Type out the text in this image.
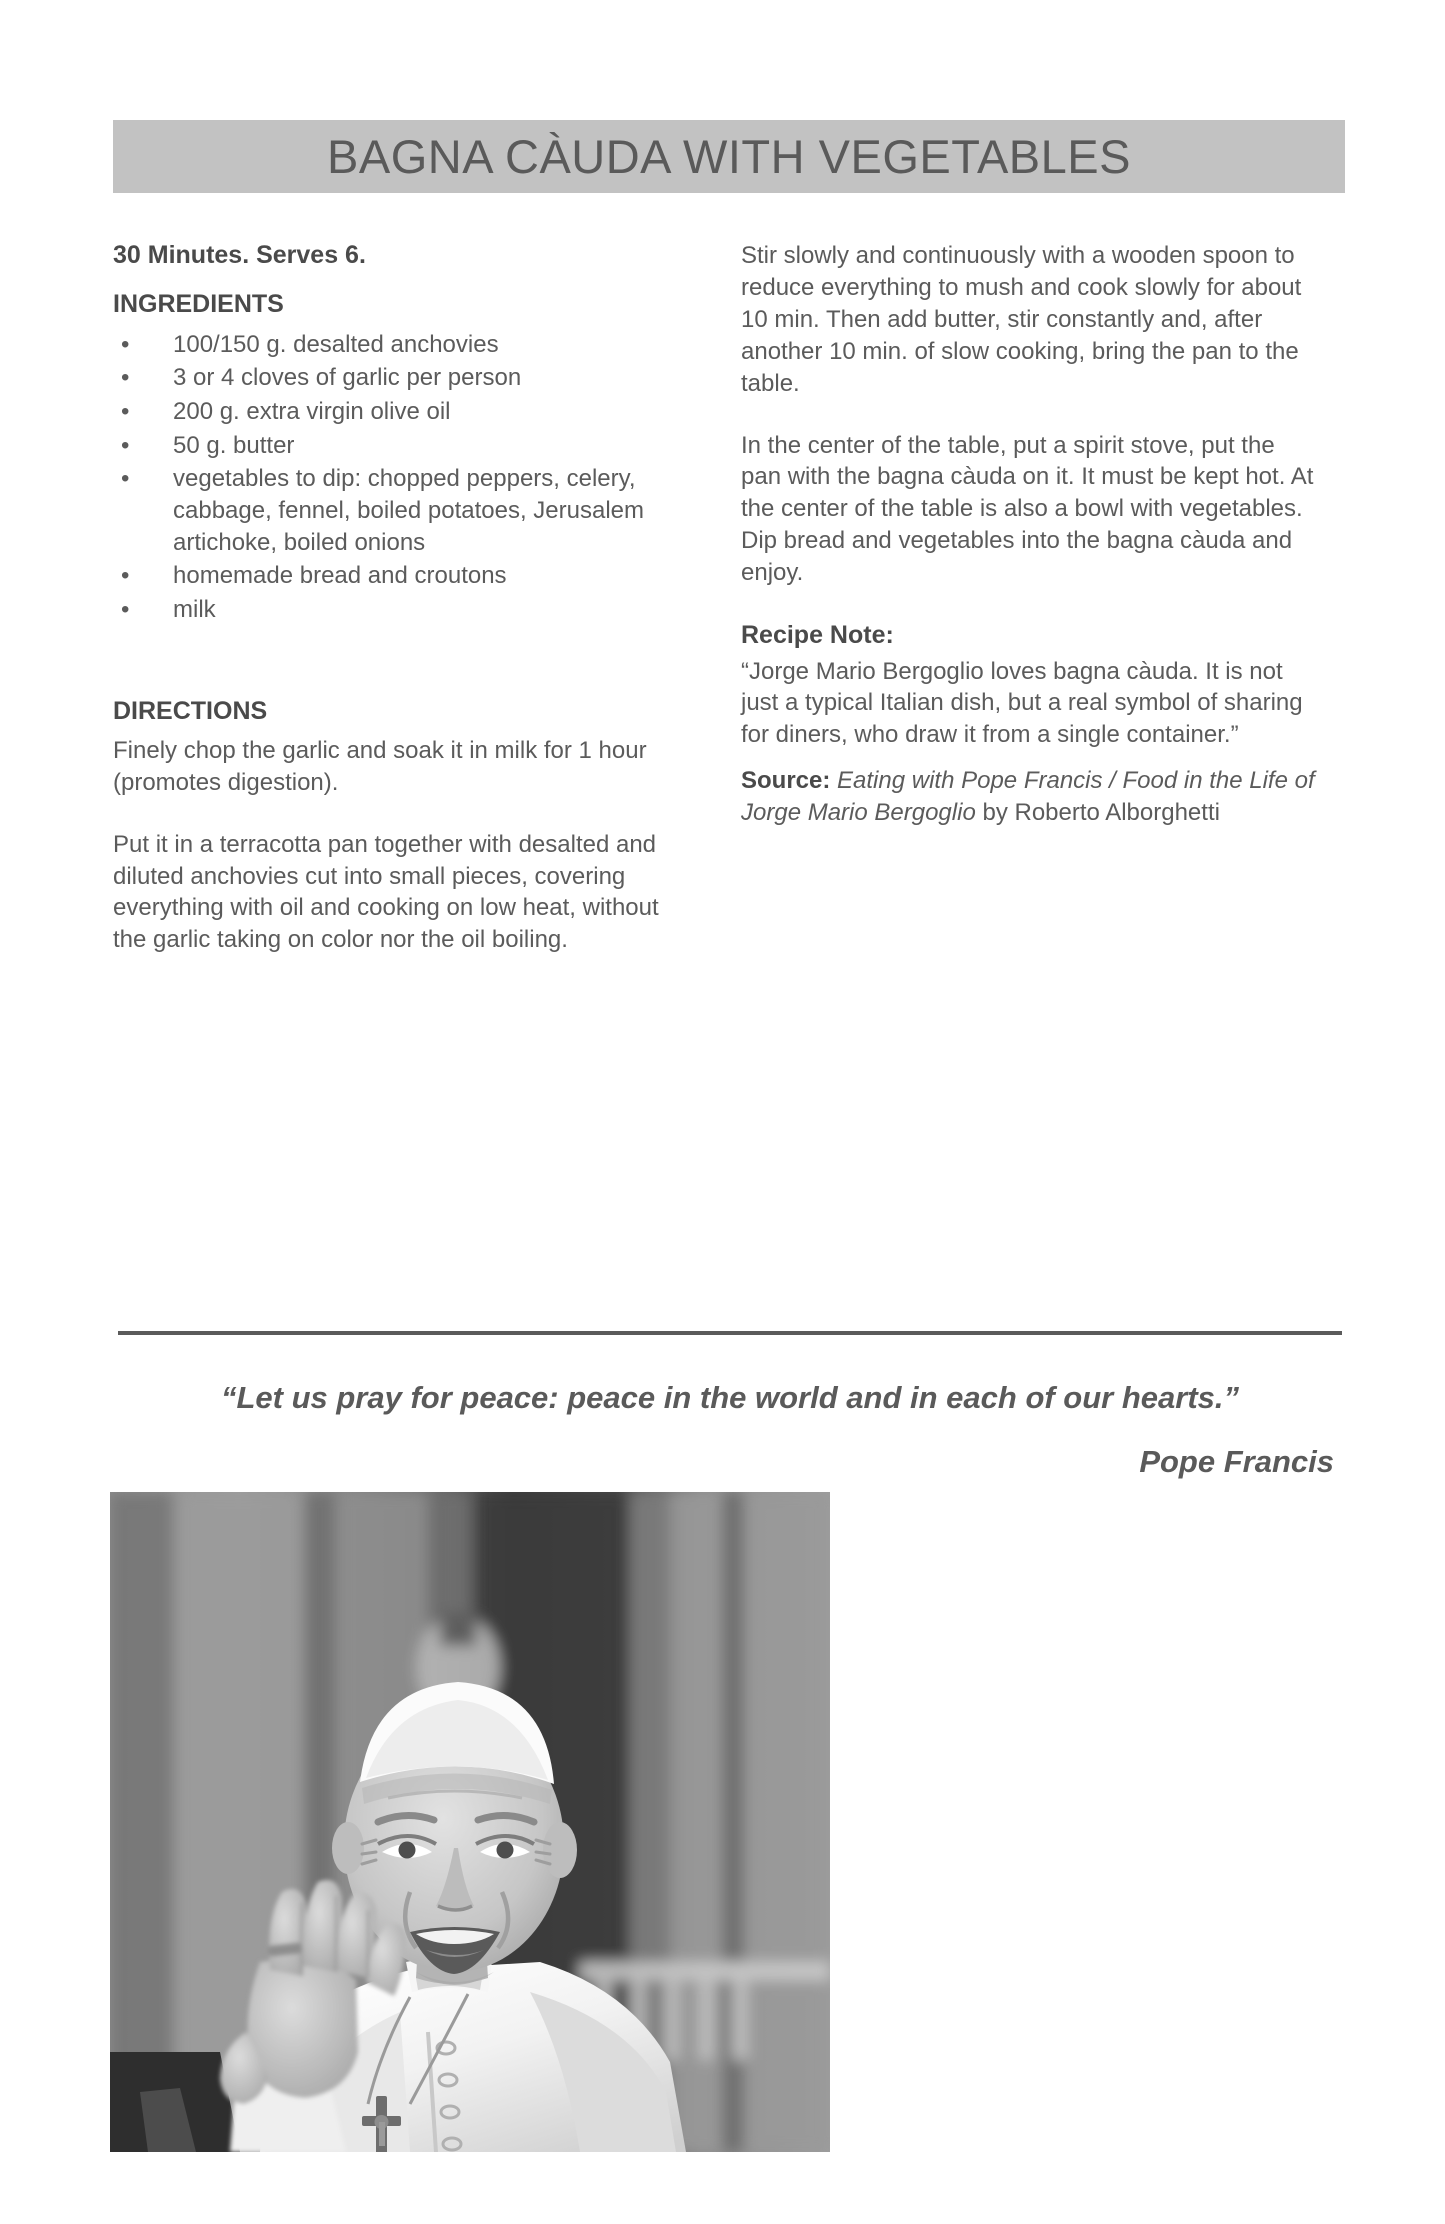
BAGNA CÀUDA WITH VEGETABLES
30 Minutes. Serves 6.
INGREDIENTS
• 100/150 g. desalted anchovies
• 3 or 4 cloves of garlic per person
• 200 g. extra virgin olive oil
• 50 g. butter
• vegetables to dip: chopped peppers, celery, cabbage, fennel, boiled potatoes, Jerusalem artichoke, boiled onions
• homemade bread and croutons
• milk
DIRECTIONS

Finely chop the garlic and soak it in milk for 1 hour (promotes digestion).

Put it in a terracotta pan together with desalted and diluted anchovies cut into small pieces, covering everything with oil and cooking on low heat, without the garlic taking on color nor the oil boiling.

Stir slowly and continuously with a wooden spoon to reduce everything to mush and cook slowly for about 10 min. Then add butter, stir constantly and, after another 10 min. of slow cooking, bring the pan to the table.

In the center of the table, put a spirit stove, put the pan with the bagna càuda on it. It must be kept hot. At the center of the table is also a bowl with vegetables. Dip bread and vegetables into the bagna càuda and enjoy.

Recipe Note:

“Jorge Mario Bergoglio loves bagna càuda. It is not just a typical Italian dish, but a real symbol of sharing for diners, who draw it from a single container.”

Source: Eating with Pope Francis / Food in the Life of Jorge Mario Bergoglio by Roberto Alborghetti

“Let us pray for peace: peace in the world and in each of our hearts.”
Pope Francis
